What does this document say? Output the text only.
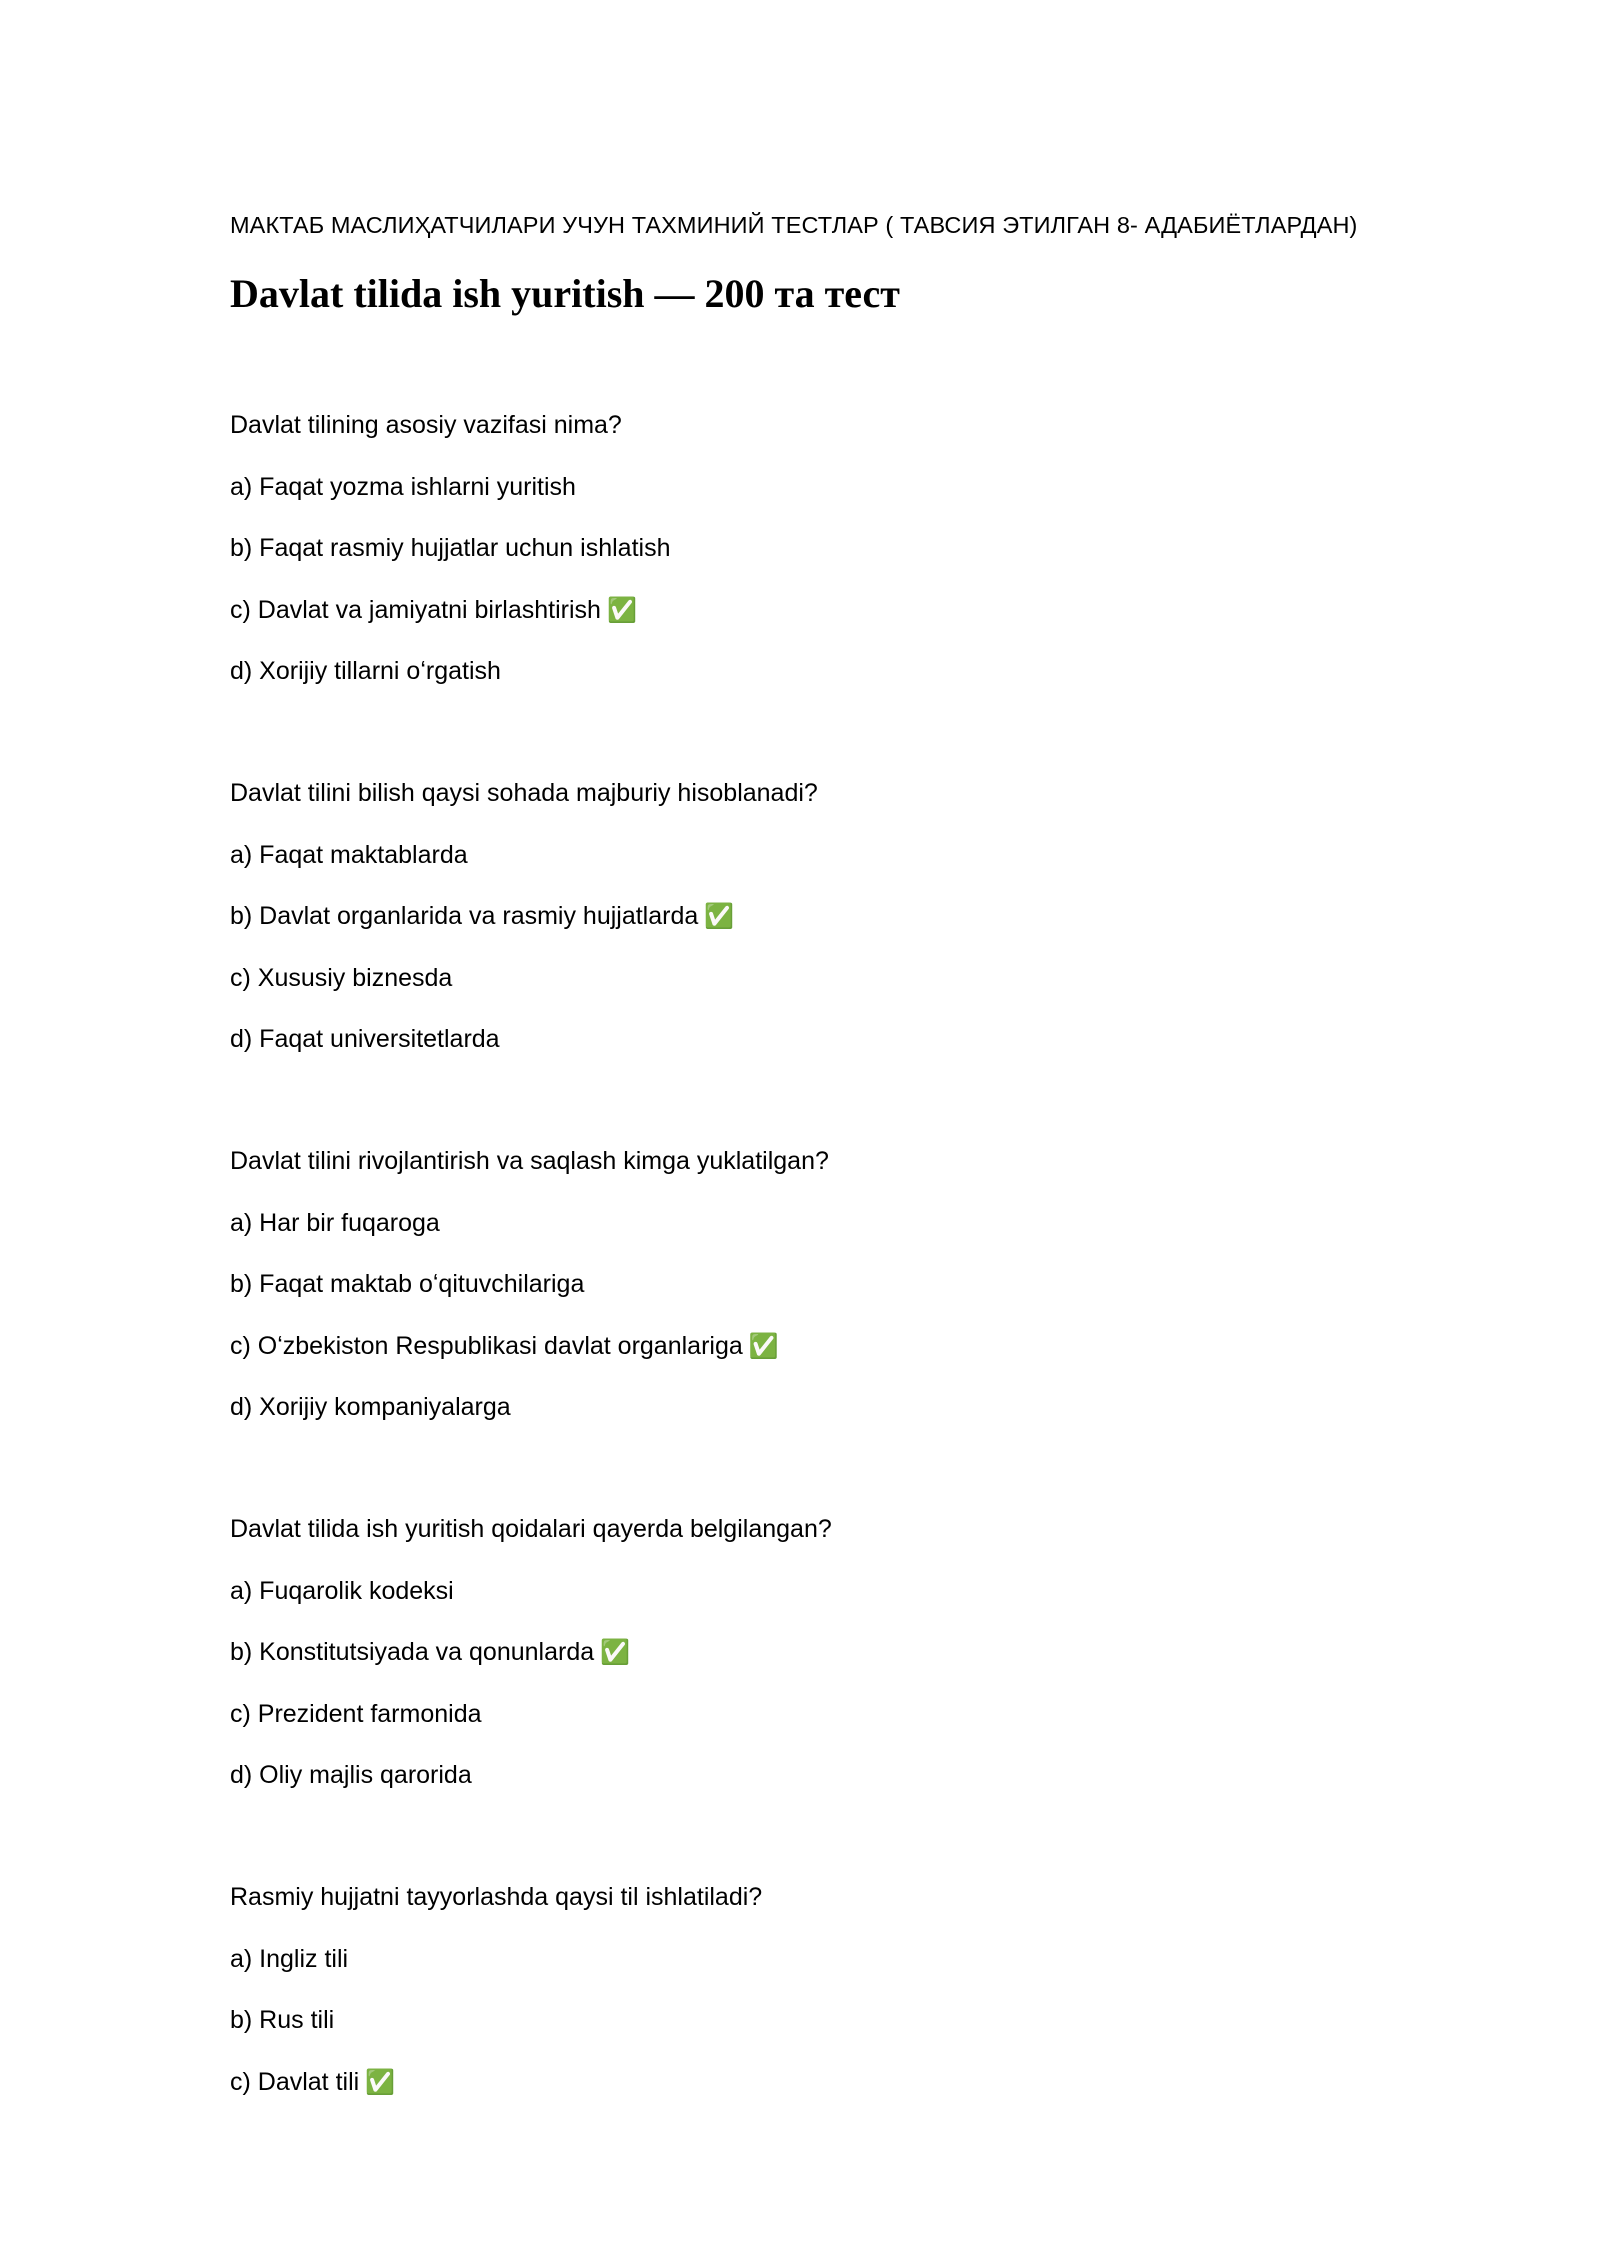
МАКТАБ МАСЛИҲАТЧИЛАРИ УЧУН ТАХМИНИЙ ТЕСТЛАР ( ТАВСИЯ ЭТИЛГАН 8- АДАБИЁТЛАРДАН)
Davlat tilida ish yuritish — 200 та тест
Davlat tilining asosiy vazifasi nima?
a) Faqat yozma ishlarni yuritish
b) Faqat rasmiy hujjatlar uchun ishlatish
c) Davlat va jamiyatni birlashtirish ✅
d) Xorijiy tillarni oʻrgatish
Davlat tilini bilish qaysi sohada majburiy hisoblanadi?
a) Faqat maktablarda
b) Davlat organlarida va rasmiy hujjatlarda ✅
c) Xususiy biznesda
d) Faqat universitetlarda
Davlat tilini rivojlantirish va saqlash kimga yuklatilgan?
a) Har bir fuqaroga
b) Faqat maktab oʻqituvchilariga
c) Oʻzbekiston Respublikasi davlat organlariga ✅
d) Xorijiy kompaniyalarga
Davlat tilida ish yuritish qoidalari qayerda belgilangan?
a) Fuqarolik kodeksi
b) Konstitutsiyada va qonunlarda ✅
c) Prezident farmonida
d) Oliy majlis qarorida
Rasmiy hujjatni tayyorlashda qaysi til ishlatiladi?
a) Ingliz tili
b) Rus tili
c) Davlat tili ✅
